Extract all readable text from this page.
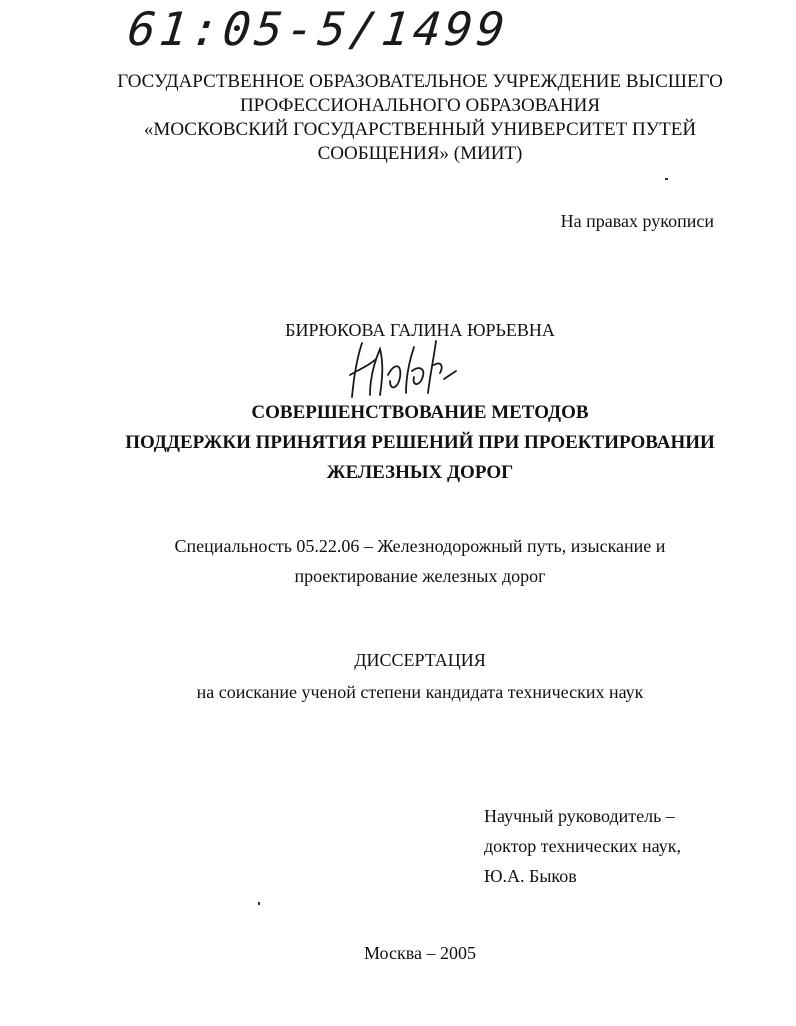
61:05-5/1499
ГОСУДАРСТВЕННОЕ ОБРАЗОВАТЕЛЬНОЕ УЧРЕЖДЕНИЕ ВЫСШЕГО
ПРОФЕССИОНАЛЬНОГО ОБРАЗОВАНИЯ
«МОСКОВСКИЙ ГОСУДАРСТВЕННЫЙ УНИВЕРСИТЕТ ПУТЕЙ
СООБЩЕНИЯ» (МИИТ)
На правах рукописи
БИРЮКОВА ГАЛИНА ЮРЬЕВНА
СОВЕРШЕНСТВОВАНИЕ МЕТОДОВ
ПОДДЕРЖКИ ПРИНЯТИЯ РЕШЕНИЙ ПРИ ПРОЕКТИРОВАНИИ
ЖЕЛЕЗНЫХ ДОРОГ
Специальность 05.22.06 – Железнодорожный путь, изыскание и
проектирование железных дорог
ДИССЕРТАЦИЯ
на соискание ученой степени кандидата технических наук
Научный руководитель –
доктор технических наук,
Ю.А. Быков
Москва – 2005
